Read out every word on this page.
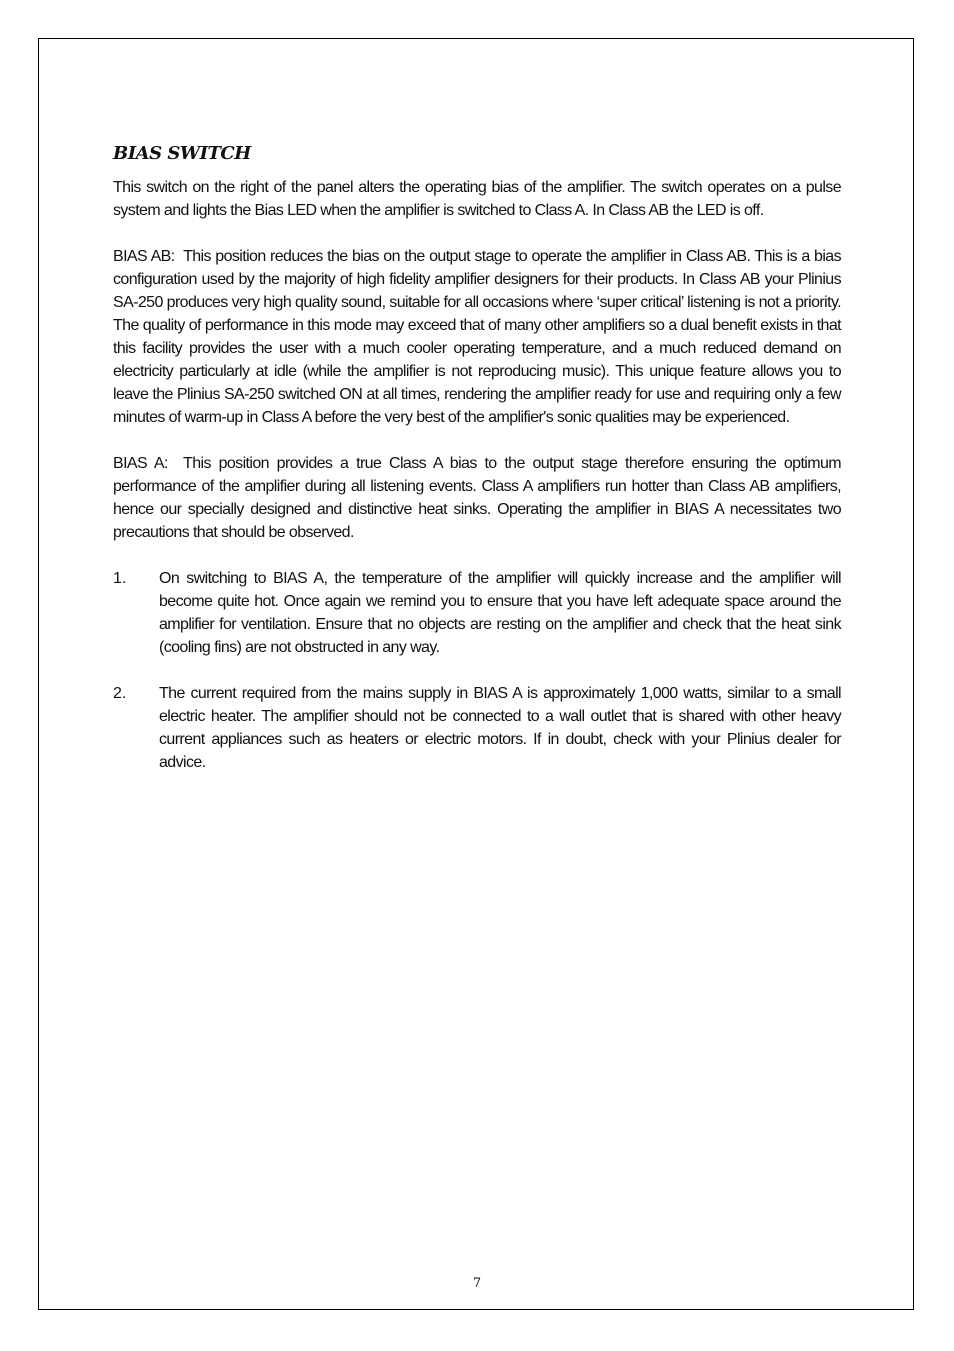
BIAS SWITCH

This switch on the right of the panel alters the operating bias of the amplifier. The switch operates on a pulse system and lights the Bias LED when the amplifier is switched to Class A. In Class AB the LED is off.

BIAS AB: This position reduces the bias on the output stage to operate the amplifier in Class AB. This is a bias configuration used by the majority of high fidelity amplifier designers for their products. In Class AB your Plinius SA-250 produces very high quality sound, suitable for all occasions where ‘super critical’ listening is not a priority. The quality of performance in this mode may exceed that of many other amplifiers so a dual benefit exists in that this facility provides the user with a much cooler operating temperature, and a much reduced demand on electricity particularly at idle (while the amplifier is not reproducing music). This unique feature allows you to leave the Plinius SA-250 switched ON at all times, rendering the amplifier ready for use and requiring only a few minutes of warm-up in Class A before the very best of the amplifier's sonic qualities may be experienced.

BIAS A: This position provides a true Class A bias to the output stage therefore ensuring the optimum performance of the amplifier during all listening events. Class A amplifiers run hotter than Class AB amplifiers, hence our specially designed and distinctive heat sinks. Operating the amplifier in BIAS A necessitates two precautions that should be observed.

1. On switching to BIAS A, the temperature of the amplifier will quickly increase and the amplifier will become quite hot. Once again we remind you to ensure that you have left adequate space around the amplifier for ventilation. Ensure that no objects are resting on the amplifier and check that the heat sink (cooling fins) are not obstructed in any way.

2. The current required from the mains supply in BIAS A is approximately 1,000 watts, similar to a small electric heater. The amplifier should not be connected to a wall outlet that is shared with other heavy current appliances such as heaters or electric motors. If in doubt, check with your Plinius dealer for advice.

7
